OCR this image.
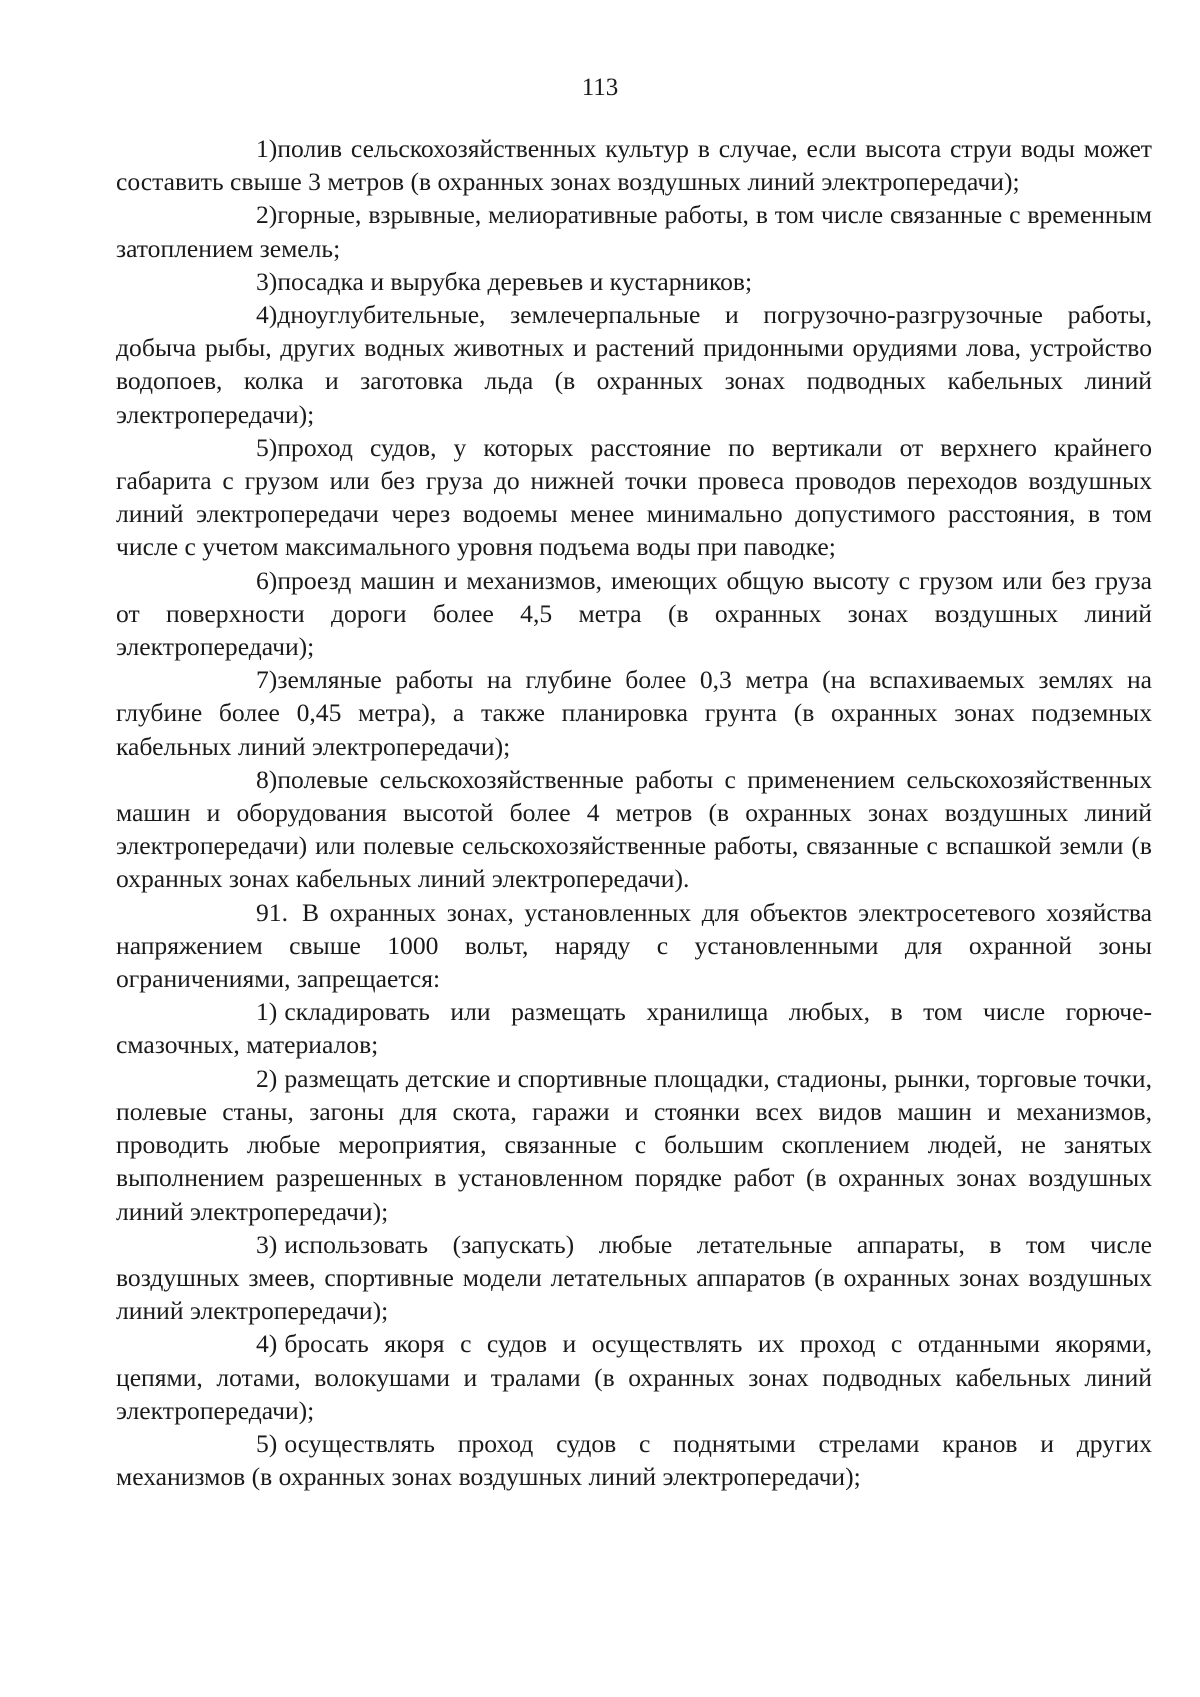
113

1)полив сельскохозяйственных культур в случае, если высота струи воды может составить свыше 3 метров (в охранных зонах воздушных линий электропередачи);

2)горные, взрывные, мелиоративные работы, в том числе связанные с временным затоплением земель;

3)посадка и вырубка деревьев и кустарников;

4)дноуглубительные, землечерпальные и погрузочно-разгрузочные работы, добыча рыбы, других водных животных и растений придонными орудиями лова, устройство водопоев, колка и заготовка льда (в охранных зонах подводных кабельных линий электропередачи);

5)проход судов, у которых расстояние по вертикали от верхнего крайнего габарита с грузом или без груза до нижней точки провеса проводов переходов воздушных линий электропередачи через водоемы менее минимально допустимого расстояния, в том числе с учетом максимального уровня подъема воды при паводке;

6)проезд машин и механизмов, имеющих общую высоту с грузом или без груза от поверхности дороги более 4,5 метра (в охранных зонах воздушных линий электропередачи);

7)земляные работы на глубине более 0,3 метра (на вспахиваемых землях на глубине более 0,45 метра), а также планировка грунта (в охранных зонах подземных кабельных линий электропередачи);

8)полевые сельскохозяйственные работы с применением сельскохозяйственных машин и оборудования высотой более 4 метров (в охранных зонах воздушных линий электропередачи) или полевые сельскохозяйственные работы, связанные с вспашкой земли (в охранных зонах кабельных линий электропередачи).

91. В охранных зонах, установленных для объектов электросетевого хозяйства напряжением свыше 1000 вольт, наряду с установленными для охранной зоны ограничениями, запрещается:

1) складировать или размещать хранилища любых, в том числе горюче-смазочных, материалов;

2) размещать детские и спортивные площадки, стадионы, рынки, торговые точки, полевые станы, загоны для скота, гаражи и стоянки всех видов машин и механизмов, проводить любые мероприятия, связанные с большим скоплением людей, не занятых выполнением разрешенных в установленном порядке работ (в охранных зонах воздушных линий электропередачи);

3) использовать (запускать) любые летательные аппараты, в том числе воздушных змеев, спортивные модели летательных аппаратов (в охранных зонах воздушных линий электропередачи);

4) бросать якоря с судов и осуществлять их проход с отданными якорями, цепями, лотами, волокушами и тралами (в охранных зонах подводных кабельных линий электропередачи);

5) осуществлять проход судов с поднятыми стрелами кранов и других механизмов (в охранных зонах воздушных линий электропередачи);
